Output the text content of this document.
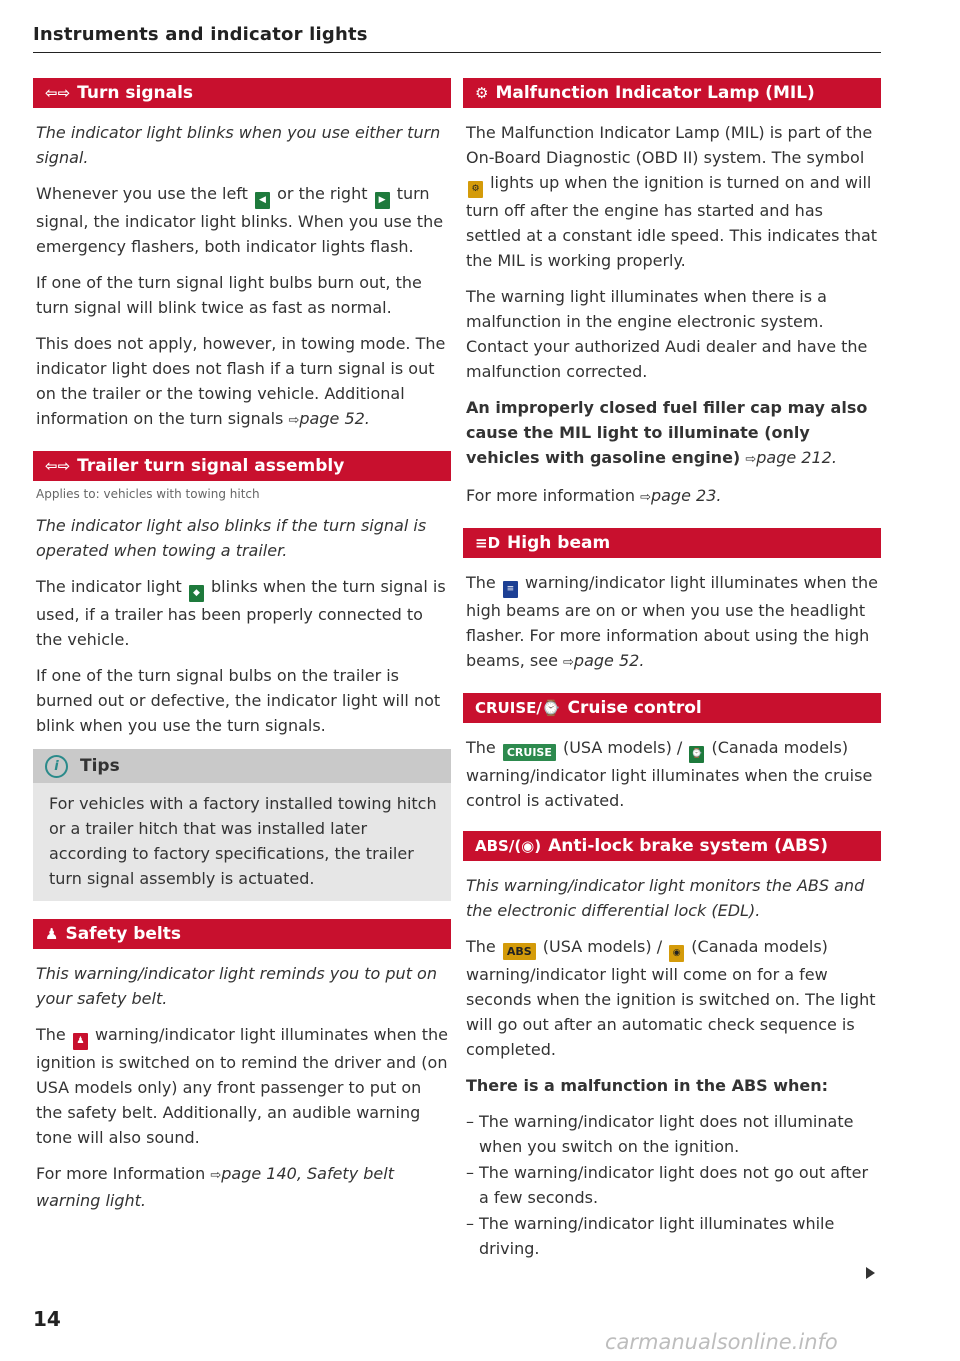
Instruments and indicator lights
⇦⇨ Turn signals

The indicator light blinks when you use either turn signal.

Whenever you use the left ◀ or the right ▶ turn signal, the indicator light blinks. When you use the emergency flashers, both indicator lights flash.

If one of the turn signal light bulbs burn out, the turn signal will blink twice as fast as normal.

This does not apply, however, in towing mode. The indicator light does not flash if a turn signal is out on the trailer or the towing vehicle. Additional information on the turn signals ⇨page 52.

⇦⇨ Trailer turn signal assembly
Applies to: vehicles with towing hitch

The indicator light also blinks if the turn signal is operated when towing a trailer.

The indicator light ◆ blinks when the turn signal is used, if a trailer has been properly connected to the vehicle.

If one of the turn signal bulbs on the trailer is burned out or defective, the indicator light will not blink when you use the turn signals.

i Tips
For vehicles with a factory installed towing hitch or a trailer hitch that was installed later according to factory specifications, the trailer turn signal assembly is actuated.
♟ Safety belts

This warning/indicator light reminds you to put on your safety belt.

The ♟ warning/indicator light illuminates when the ignition is switched on to remind the driver and (on USA models only) any front passenger to put on the safety belt. Additionally, an audible warning tone will also sound.

For more Information ⇨page 140, Safety belt warning light.

⚙ Malfunction Indicator Lamp (MIL)

The Malfunction Indicator Lamp (MIL) is part of the On-Board Diagnostic (OBD II) system. The symbol ⚙ lights up when the ignition is turned on and will turn off after the engine has started and has settled at a constant idle speed. This indicates that the MIL is working properly.

The warning light illuminates when there is a malfunction in the engine electronic system. Contact your authorized Audi dealer and have the malfunction corrected.

An improperly closed fuel filler cap may also cause the MIL light to illuminate (only vehicles with gasoline engine) ⇨page 212.

For more information ⇨page 23.

≡D High beam

The ≡ warning/indicator light illuminates when the high beams are on or when you use the headlight flasher. For more information about using the high beams, see ⇨page 52.

CRUISE/⌚ Cruise control

The CRUISE (USA models) / ⌚ (Canada models) warning/indicator light illuminates when the cruise control is activated.

ABS/(◉) Anti-lock brake system (ABS)

This warning/indicator light monitors the ABS and the electronic differential lock (EDL).

The ABS (USA models) / ◉ (Canada models) warning/indicator light will come on for a few seconds when the ignition is switched on. The light will go out after an automatic check sequence is completed.

There is a malfunction in the ABS when:

– The warning/indicator light does not illuminate when you switch on the ignition.
– The warning/indicator light does not go out after a few seconds.
– The warning/indicator light illuminates while driving.
14
carmanualsonline.info
